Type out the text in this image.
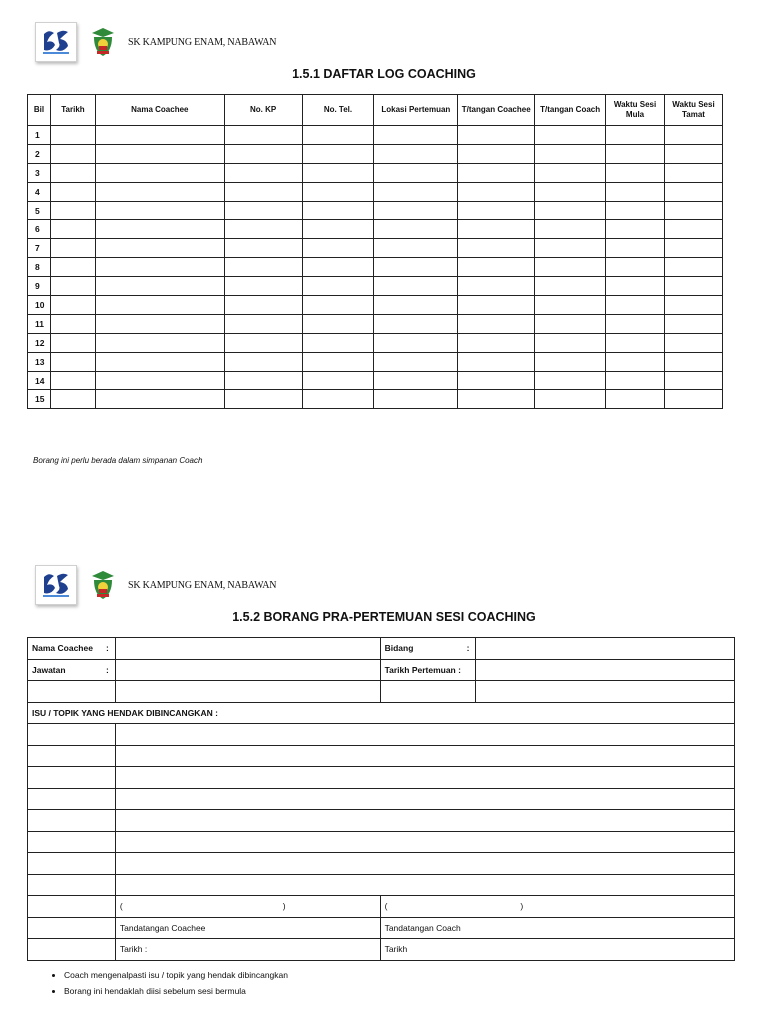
SK KAMPUNG ENAM, NABAWAN
1.5.1 DAFTAR LOG COACHING
Bil	Tarikh	Nama Coachee	No. KP	No. Tel.	Lokasi Pertemuan	T/tangan Coachee	T/tangan Coach	Waktu Sesi Mula	Waktu Sesi Tamat
1									
2									
3									
4									
5									
6									
7									
8									
9									
10									
11									
12									
13									
14									
15									
Borang ini perlu berada dalam simpanan Coach
SK KAMPUNG ENAM, NABAWAN
1.5.2 BORANG PRA-PERTEMUAN SESI COACHING
Nama Coachee :		Bidang :	

Jawatan :		Tarikh Pertemuan :	

ISU / TOPIK YANG HENDAK DIBINCANGKAN :			

	( )	( )	
	Tandatangan Coachee	Tandatangan Coach	
	Tarikh :	Tarikh	
• Coach mengenalpasti isu / topik yang hendak dibincangkan
• Borang ini hendaklah diisi sebelum sesi bermula
